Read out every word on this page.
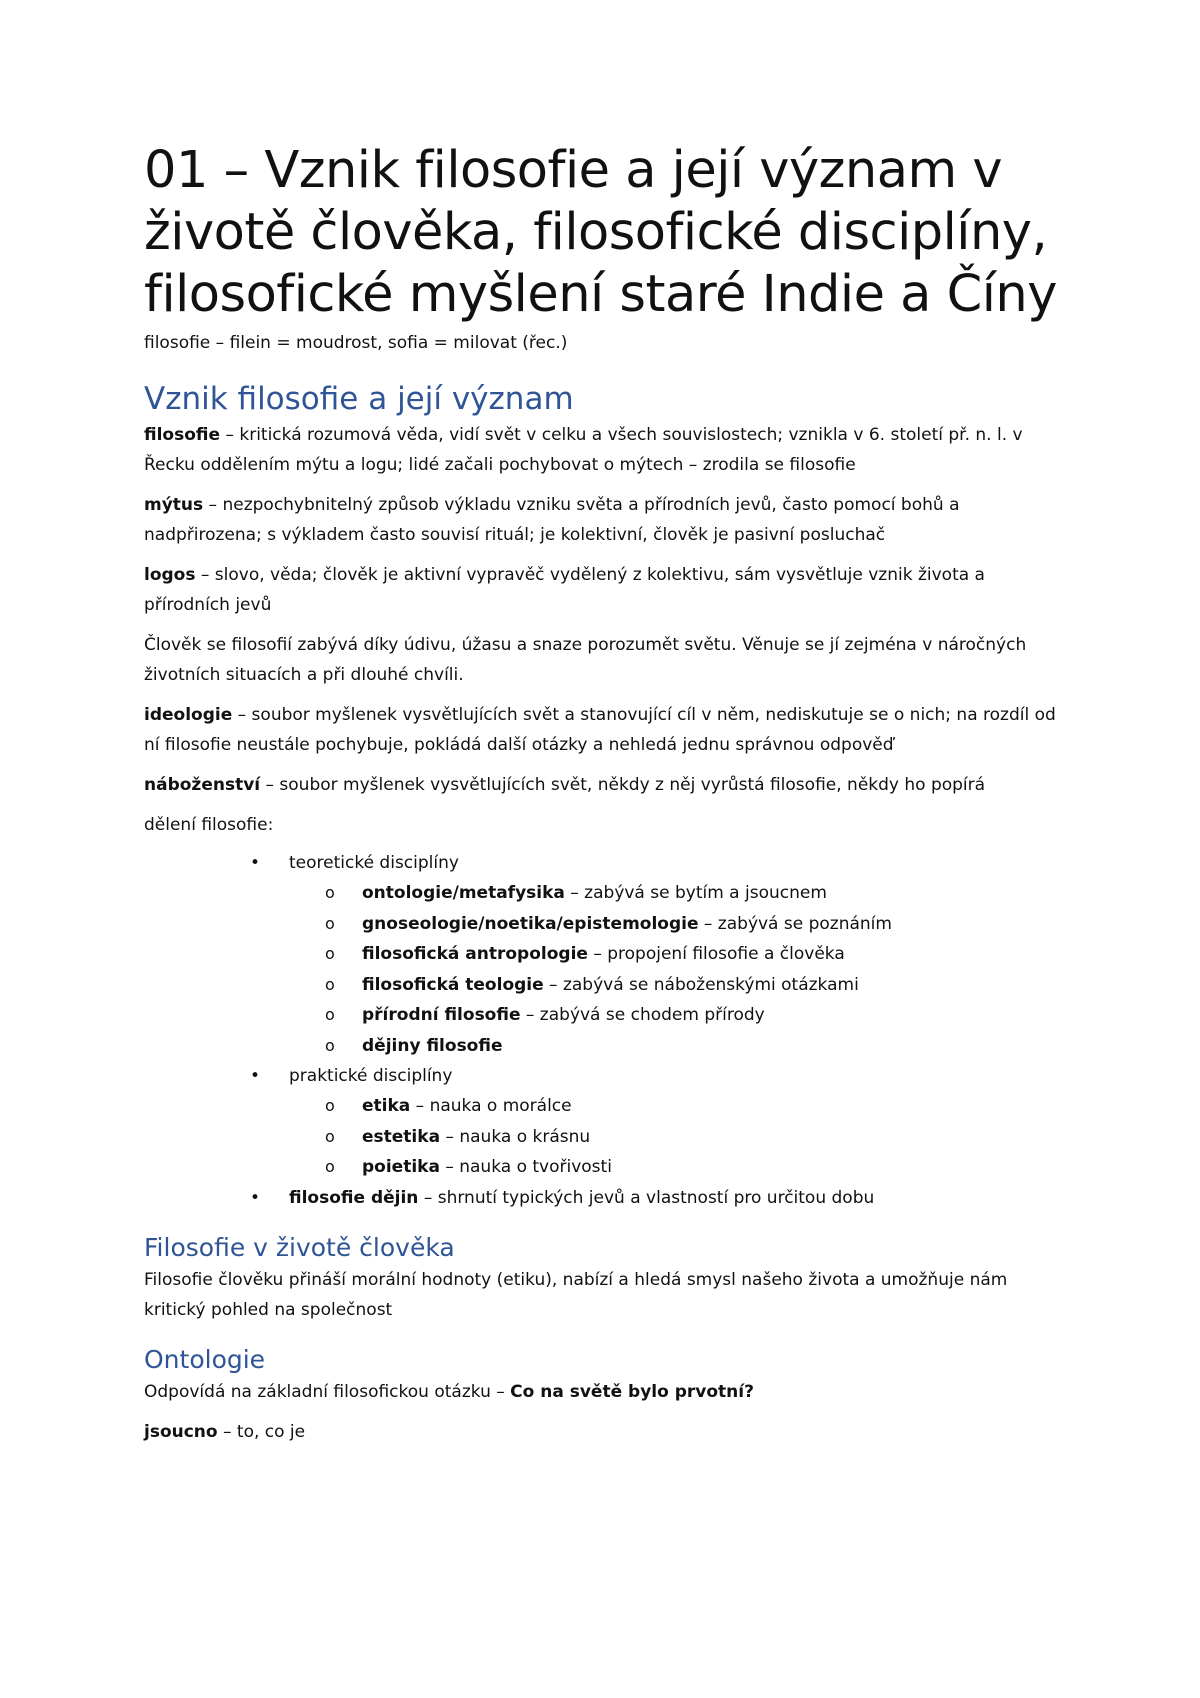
01 – Vznik filosofie a její význam v životě člověka, filosofické disciplíny, filosofické myšlení staré Indie a Číny

filosofie – filein = moudrost, sofia = milovat (řec.)

Vznik filosofie a její význam

filosofie – kritická rozumová věda, vidí svět v celku a všech souvislostech; vznikla v 6. století př. n. l. v Řecku oddělením mýtu a logu; lidé začali pochybovat o mýtech – zrodila se filosofie

mýtus – nezpochybnitelný způsob výkladu vzniku světa a přírodních jevů, často pomocí bohů a nadpřirozena; s výkladem často souvisí rituál; je kolektivní, člověk je pasivní posluchač

logos – slovo, věda; člověk je aktivní vypravěč vydělený z kolektivu, sám vysvětluje vznik života a přírodních jevů

Člověk se filosofií zabývá díky údivu, úžasu a snaze porozumět světu. Věnuje se jí zejména v náročných životních situacích a při dlouhé chvíli.

ideologie – soubor myšlenek vysvětlujících svět a stanovující cíl v něm, nediskutuje se o nich; na rozdíl od ní filosofie neustále pochybuje, pokládá další otázky a nehledá jednu správnou odpověď

náboženství – soubor myšlenek vysvětlujících svět, někdy z něj vyrůstá filosofie, někdy ho popírá

dělení filosofie:

• teoretické disciplíny
o ontologie/metafysika – zabývá se bytím a jsoucnem
o gnoseologie/noetika/epistemologie – zabývá se poznáním
o filosofická antropologie – propojení filosofie a člověka
o filosofická teologie – zabývá se náboženskými otázkami
o přírodní filosofie – zabývá se chodem přírody
o dějiny filosofie
• praktické disciplíny
o etika – nauka o morálce
o estetika – nauka o krásnu
o poietika – nauka o tvořivosti
• filosofie dějin – shrnutí typických jevů a vlastností pro určitou dobu
Filosofie v životě člověka

Filosofie člověku přináší morální hodnoty (etiku), nabízí a hledá smysl našeho života a umožňuje nám kritický pohled na společnost

Ontologie

Odpovídá na základní filosofickou otázku – Co na světě bylo prvotní?

jsoucno – to, co je
